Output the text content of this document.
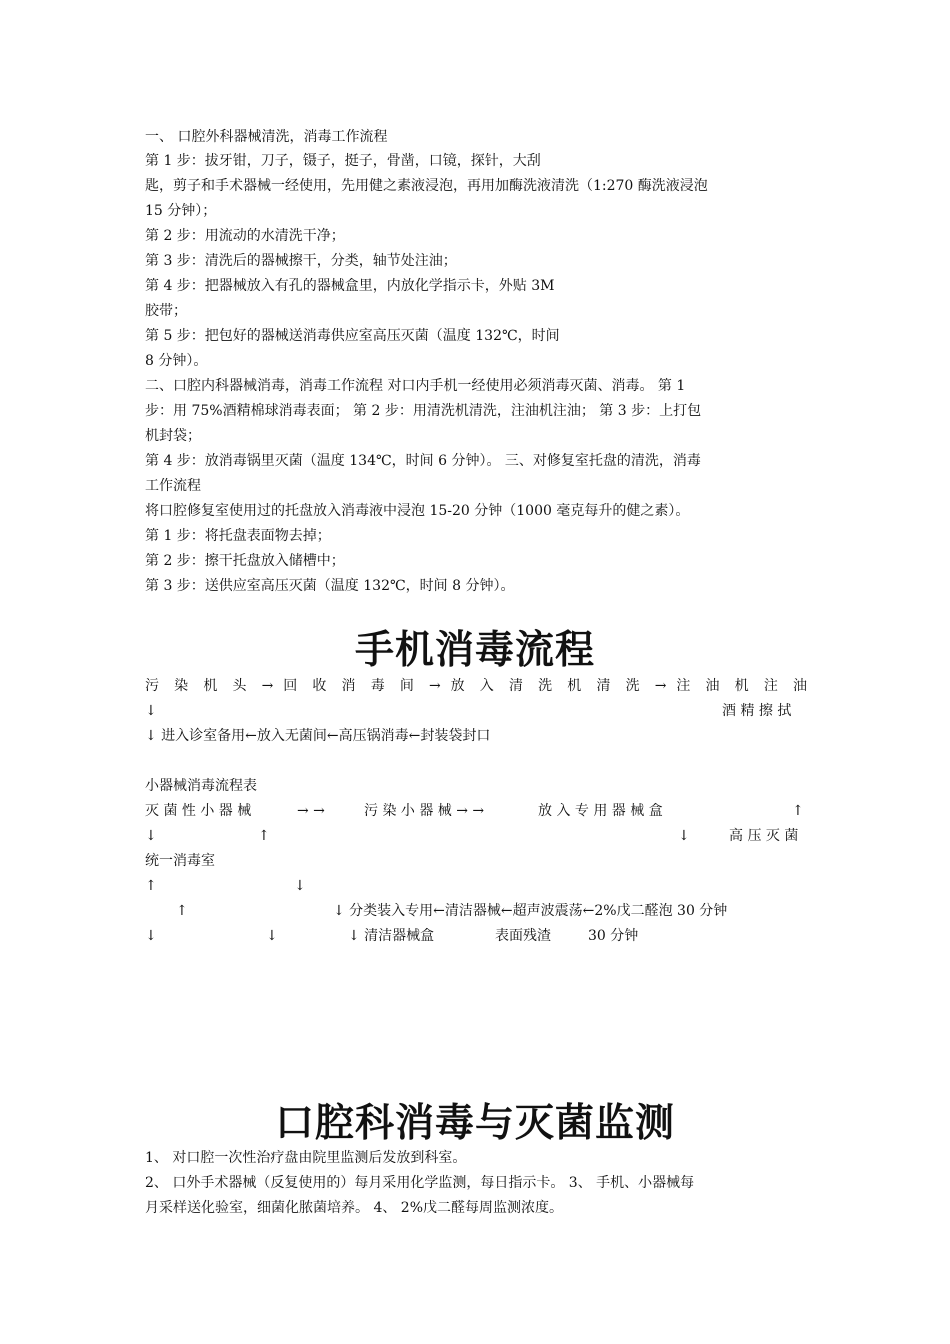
一、 口腔外科器械清洗，消毒工作流程
第 1 步：拔牙钳，刀子，镊子，挺子，骨凿，口镜，探针，大刮
匙，剪子和手术器械一经使用，先用健之素液浸泡，再用加酶洗液清洗（1:270 酶洗液浸泡
15 分钟）；
第 2 步：用流动的水清洗干净；
第 3 步：清洗后的器械擦干，分类，轴节处注油；
第 4 步：把器械放入有孔的器械盒里，内放化学指示卡，外贴 3M
胶带；
第 5 步：把包好的器械送消毒供应室高压灭菌（温度 132℃，时间
8 分钟）。
二、口腔内科器械消毒，消毒工作流程 对口内手机一经使用必须消毒灭菌、消毒。 第 1
步：用 75%酒精棉球消毒表面； 第 2 步：用清洗机清洗，注油机注油； 第 3 步：上打包
机封袋；
第 4 步：放消毒锅里灭菌（温度 134℃，时间 6 分钟）。 三、对修复室托盘的清洗，消毒
工作流程
将口腔修复室使用过的托盘放入消毒液中浸泡 15-20 分钟（1000 毫克每升的健之素）。
第 1 步：将托盘表面物去掉；
第 2 步：擦干托盘放入储槽中；
第 3 步：送供应室高压灭菌（温度 132℃，时间 8 分钟）。
手机消毒流程
污 染 机 头 → 回 收 消 毒 间 → 放 入 清 洗 机 清 洗 → 注 油 机 注 油
↓	酒 精 擦 拭
↓ 进入诊室备用←放入无菌间←高压锅消毒←封装袋封口
小器械消毒流程表
灭 菌 性 小 器 械	→ →	污 染 小 器 械 → →	放 入 专 用 器 械 盒	↑
↓	↑	↓	高 压 灭 菌
统一消毒室
↑	↓
↑	↓ 分类装入专用←清洁器械←超声波震荡←2%戊二醛泡 30 分钟
↓	↓	↓ 清洁器械盒	表面残渣	30 分钟
口腔科消毒与灭菌监测
1、 对口腔一次性治疗盘由院里监测后发放到科室。
2、 口外手术器械（反复使用的）每月采用化学监测，每日指示卡。 3、 手机、小器械每
月采样送化验室，细菌化脓菌培养。 4、 2%戊二醛每周监测浓度。
